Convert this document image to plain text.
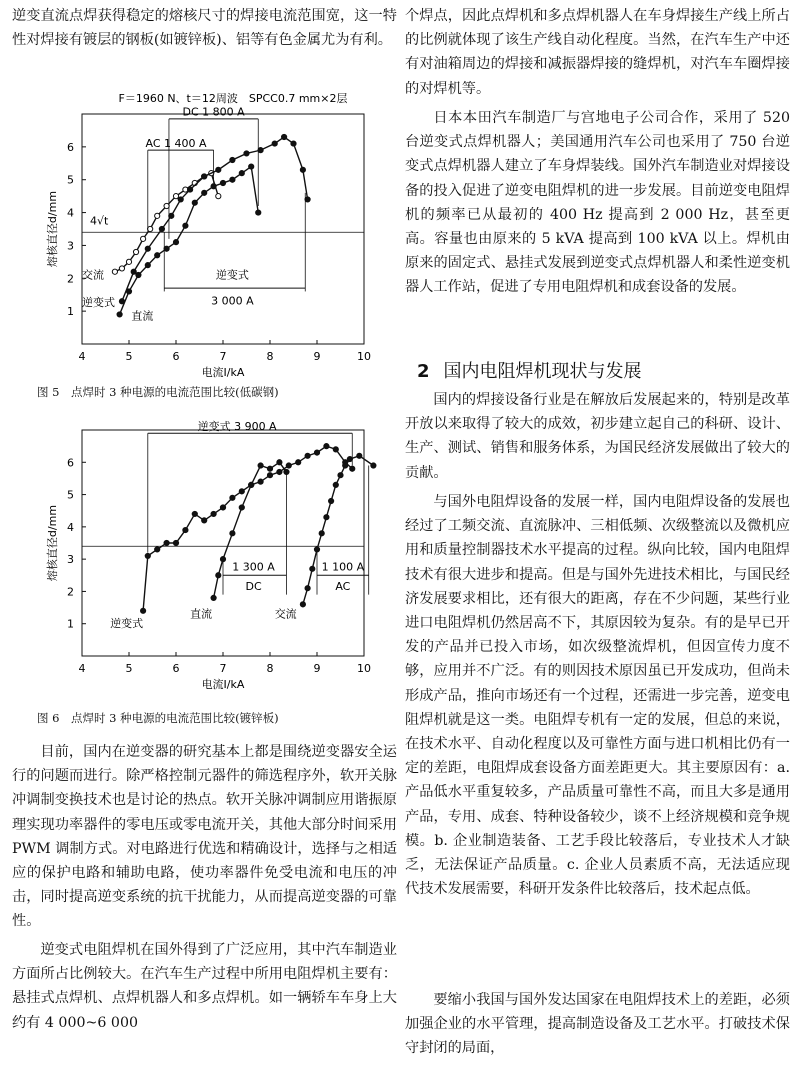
逆变直流点焊获得稳定的熔核尺寸的焊接电流范围宽，这一特性对焊接有镀层的钢板(如镀锌板)、铝等有色金属尤为有利。

4	5	6	7	8	9	10
1
2
3
4
5
6
电流I/kA
熔核直径d/mm	4√t
F＝1960 N、t＝12周波　SPCC0.7 mm×2层
DC 1 800 A
AC 1 400 A
逆变式
3 000 A
交流
逆变式
直流
图 5　点焊时 3 种电源的电流范围比较(低碳钢)
4	5	6	7	8	9	10
1
2
3
4
5
6
电流I/kA
熔核直径d/mm
逆变式 3 900 A
1 300 A
DC
1 100 A
AC
逆变式
直流	交流
图 6　点焊时 3 种电源的电流范围比较(镀锌板)

目前，国内在逆变器的研究基本上都是围绕逆变器安全运行的问题而进行。除严格控制元器件的筛选程序外，软开关脉冲调制变换技术也是讨论的热点。软开关脉冲调制应用谐振原理实现功率器件的零电压或零电流开关，其他大部分时间采用 PWM 调制方式。对电路进行优选和精确设计，选择与之相适应的保护电路和辅助电路，使功率器件免受电流和电压的冲击，同时提高逆变系统的抗干扰能力，从而提高逆变器的可靠性。

逆变式电阻焊机在国外得到了广泛应用，其中汽车制造业方面所占比例较大。在汽车生产过程中所用电阻焊机主要有：悬挂式点焊机、点焊机器人和多点焊机。如一辆轿车车身上大约有 4 000~6 000

个焊点，因此点焊机和多点焊机器人在车身焊接生产线上所占的比例就体现了该生产线自动化程度。当然，在汽车生产中还有对油箱周边的焊接和减振器焊接的缝焊机，对汽车车圈焊接的对焊机等。

日本本田汽车制造厂与宫地电子公司合作，采用了 520 台逆变式点焊机器人；美国通用汽车公司也采用了 750 台逆变式点焊机器人建立了车身焊装线。国外汽车制造业对焊接设备的投入促进了逆变电阻焊机的进一步发展。目前逆变电阻焊机的频率已从最初的 400 Hz 提高到 2 000 Hz，甚至更高。容量也由原来的 5 kVA 提高到 100 kVA 以上。焊机由原来的固定式、悬挂式发展到逆变式点焊机器人和柔性逆变机器人工作站，促进了专用电阻焊机和成套设备的发展。

2 国内电阻焊机现状与发展

国内的焊接设备行业是在解放后发展起来的，特别是改革开放以来取得了较大的成效，初步建立起自己的科研、设计、生产、测试、销售和服务体系，为国民经济发展做出了较大的贡献。

与国外电阻焊设备的发展一样，国内电阻焊设备的发展也经过了工频交流、直流脉冲、三相低频、次级整流以及微机应用和质量控制器技术水平提高的过程。纵向比较，国内电阻焊技术有很大进步和提高。但是与国外先进技术相比，与国民经济发展要求相比，还有很大的距离，存在不少问题，某些行业进口电阻焊机仍然居高不下，其原因较为复杂。有的是早已开发的产品并已投入市场，如次级整流焊机，但因宣传力度不够，应用并不广泛。有的则因技术原因虽已开发成功，但尚未形成产品，推向市场还有一个过程，还需进一步完善，逆变电阻焊机就是这一类。电阻焊专机有一定的发展，但总的来说，在技术水平、自动化程度以及可靠性方面与进口机相比仍有一定的差距，电阻焊成套设备方面差距更大。其主要原因有：a. 产品低水平重复较多，产品质量可靠性不高，而且大多是通用产品，专用、成套、特种设备较少，谈不上经济规模和竞争规模。b. 企业制造装备、工艺手段比较落后，专业技术人才缺乏，无法保证产品质量。c. 企业人员素质不高，无法适应现代技术发展需要，科研开发条件比较落后，技术起点低。

要缩小我国与国外发达国家在电阻焊技术上的差距，必须加强企业的水平管理，提高制造设备及工艺水平。打破技术保守封闭的局面，
